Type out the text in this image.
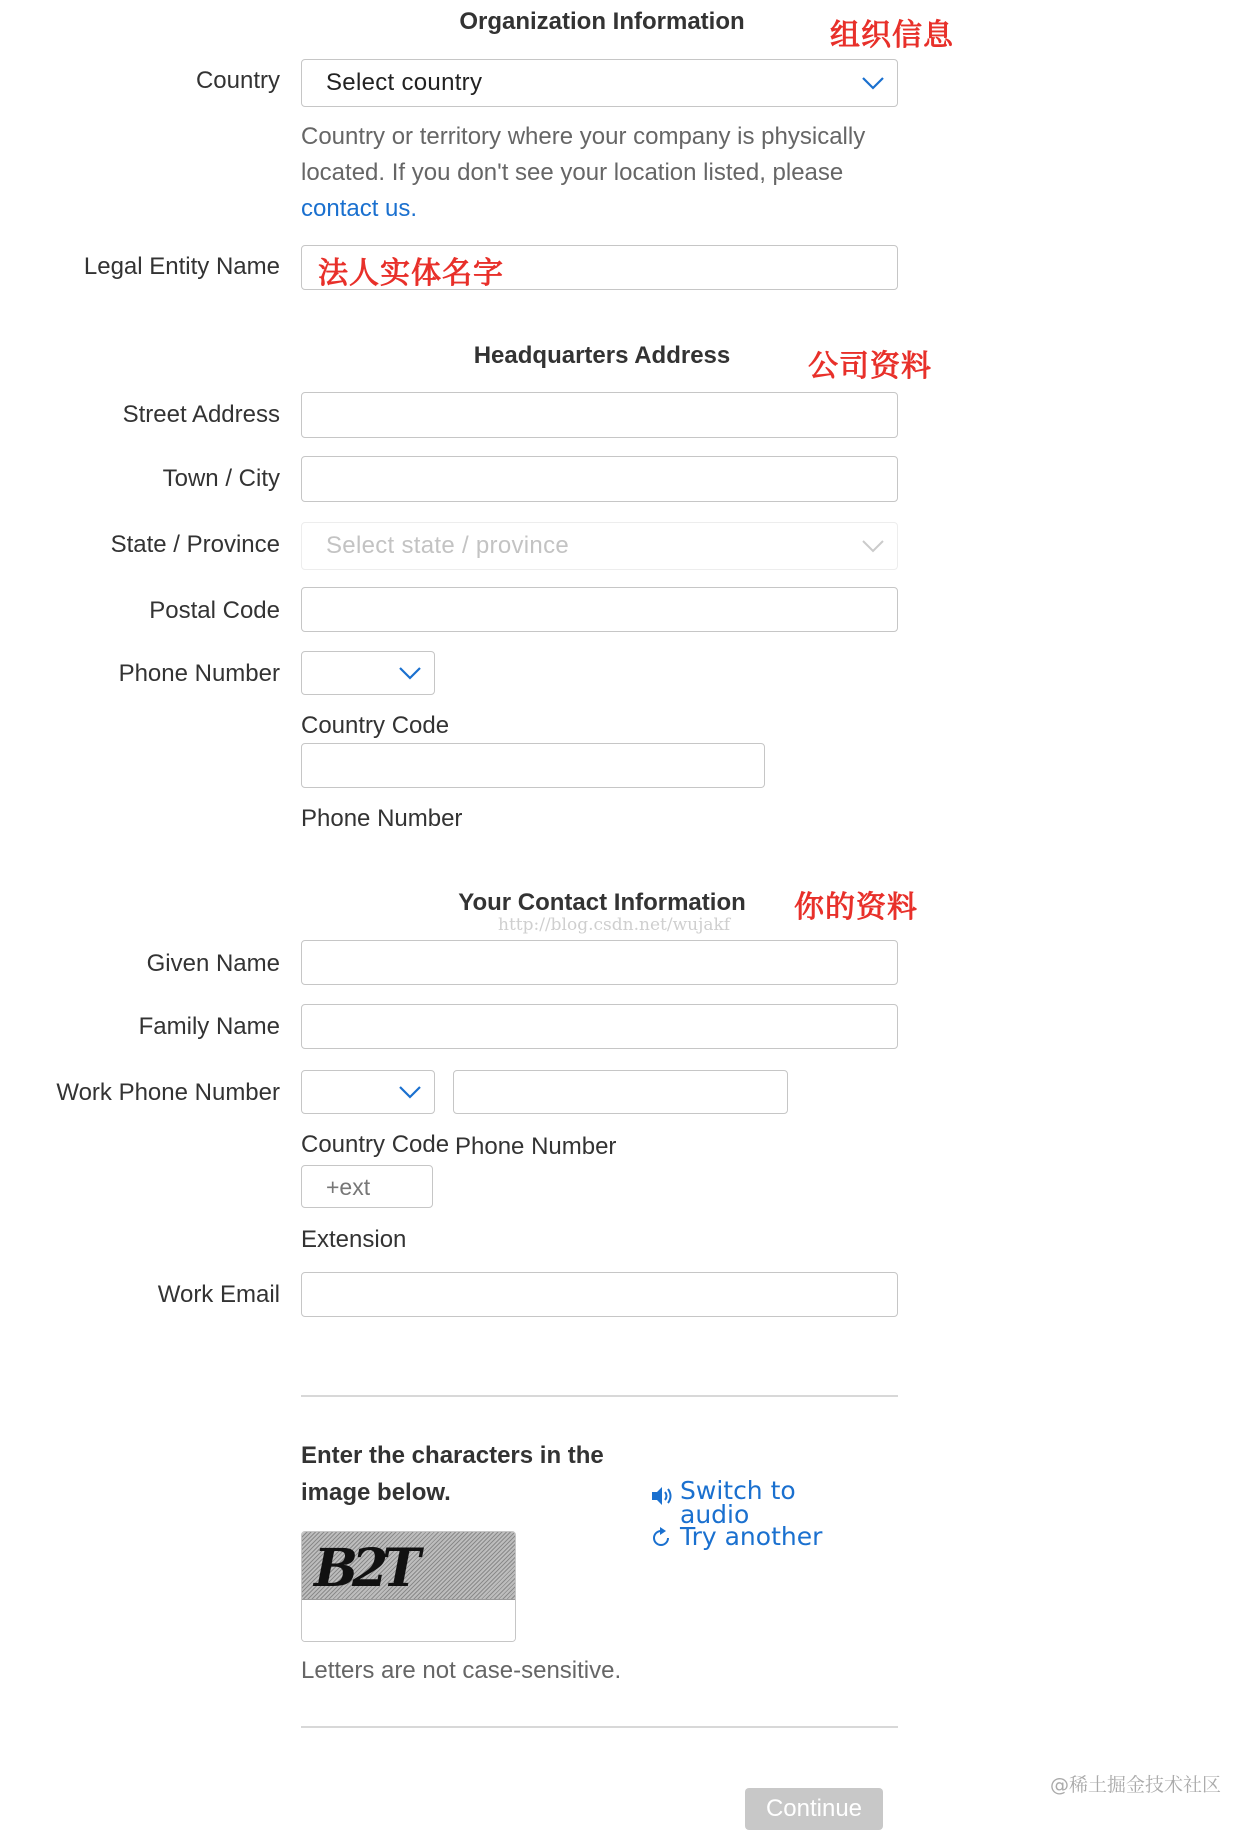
Organization Information	组织信息
Country Select country
Country or territory where your company is physically located. If you don't see your location listed, please contact us.
Legal Entity Name 法人实体名字
Headquarters Address	公司资料
Street Address
Town / City
State / Province Select state / province
Postal Code
Phone Number
Country Code
Phone Number
Your Contact Information	你的资料
http://blog.csdn.net/wujakf
Given Name
Family Name
Work Phone Number
Country Code Phone Number
+ext
Extension
Work Email
Enter the characters in the image below.	Switch to audio
Try another
B2T
Letters are not case-sensitive.
@稀土掘金技术社区
Continue
